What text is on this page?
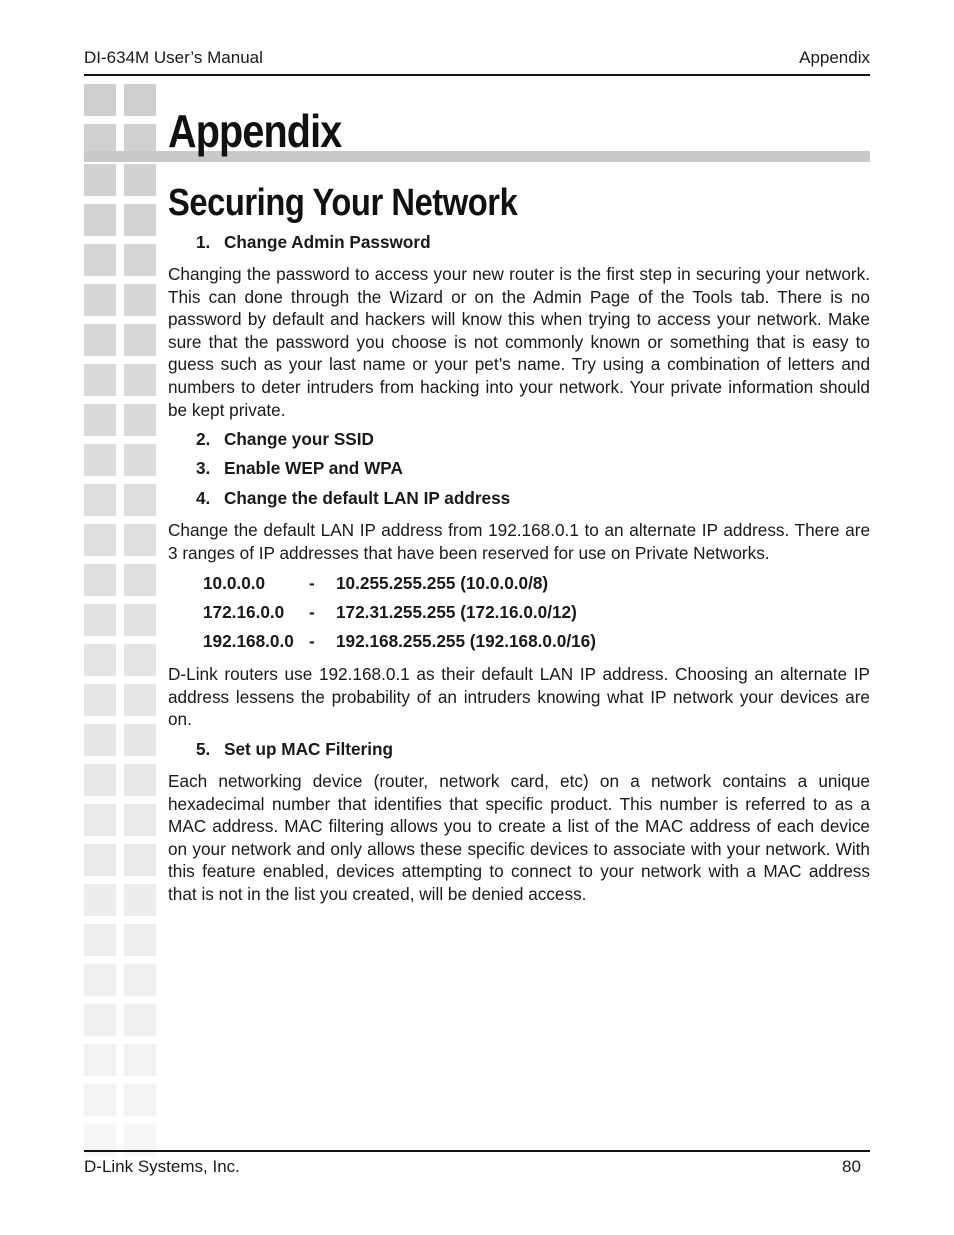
DI-634M User’s Manual	Appendix
Appendix
Securing Your Network
1. Change Admin Password
Changing the password to access your new router is the first step in securing your network. This can done through the Wizard or on the Admin Page of the Tools tab. There is no password by default and hackers will know this when trying to access your network. Make sure that the password you choose is not commonly known or something that is easy to guess such as your last name or your pet’s name. Try using a combination of letters and numbers to deter intruders from hacking into your network. Your private information should be kept private.
2. Change your SSID
3. Enable WEP and WPA
4. Change the default LAN IP address
Change the default LAN IP address from 192.168.0.1 to an alternate IP address. There are 3 ranges of IP addresses that have been reserved for use on Private Networks.
10.0.0.0	- 10.255.255.255 (10.0.0.0/8)
172.16.0.0 - 172.31.255.255 (172.16.0.0/12)
192.168.0.0 - 192.168.255.255 (192.168.0.0/16)
D-Link routers use 192.168.0.1 as their default LAN IP address. Choosing an alternate IP address lessens the probability of an intruders knowing what IP network your devices are on.
5. Set up MAC Filtering
Each networking device (router, network card, etc) on a network contains a unique hexadecimal number that identifies that specific product. This number is referred to as a MAC address. MAC filtering allows you to create a list of the MAC address of each device on your network and only allows these specific devices to associate with your network. With this feature enabled, devices attempting to connect to your network with a MAC address that is not in the list you created, will be denied access.
D-Link Systems, Inc.	80
